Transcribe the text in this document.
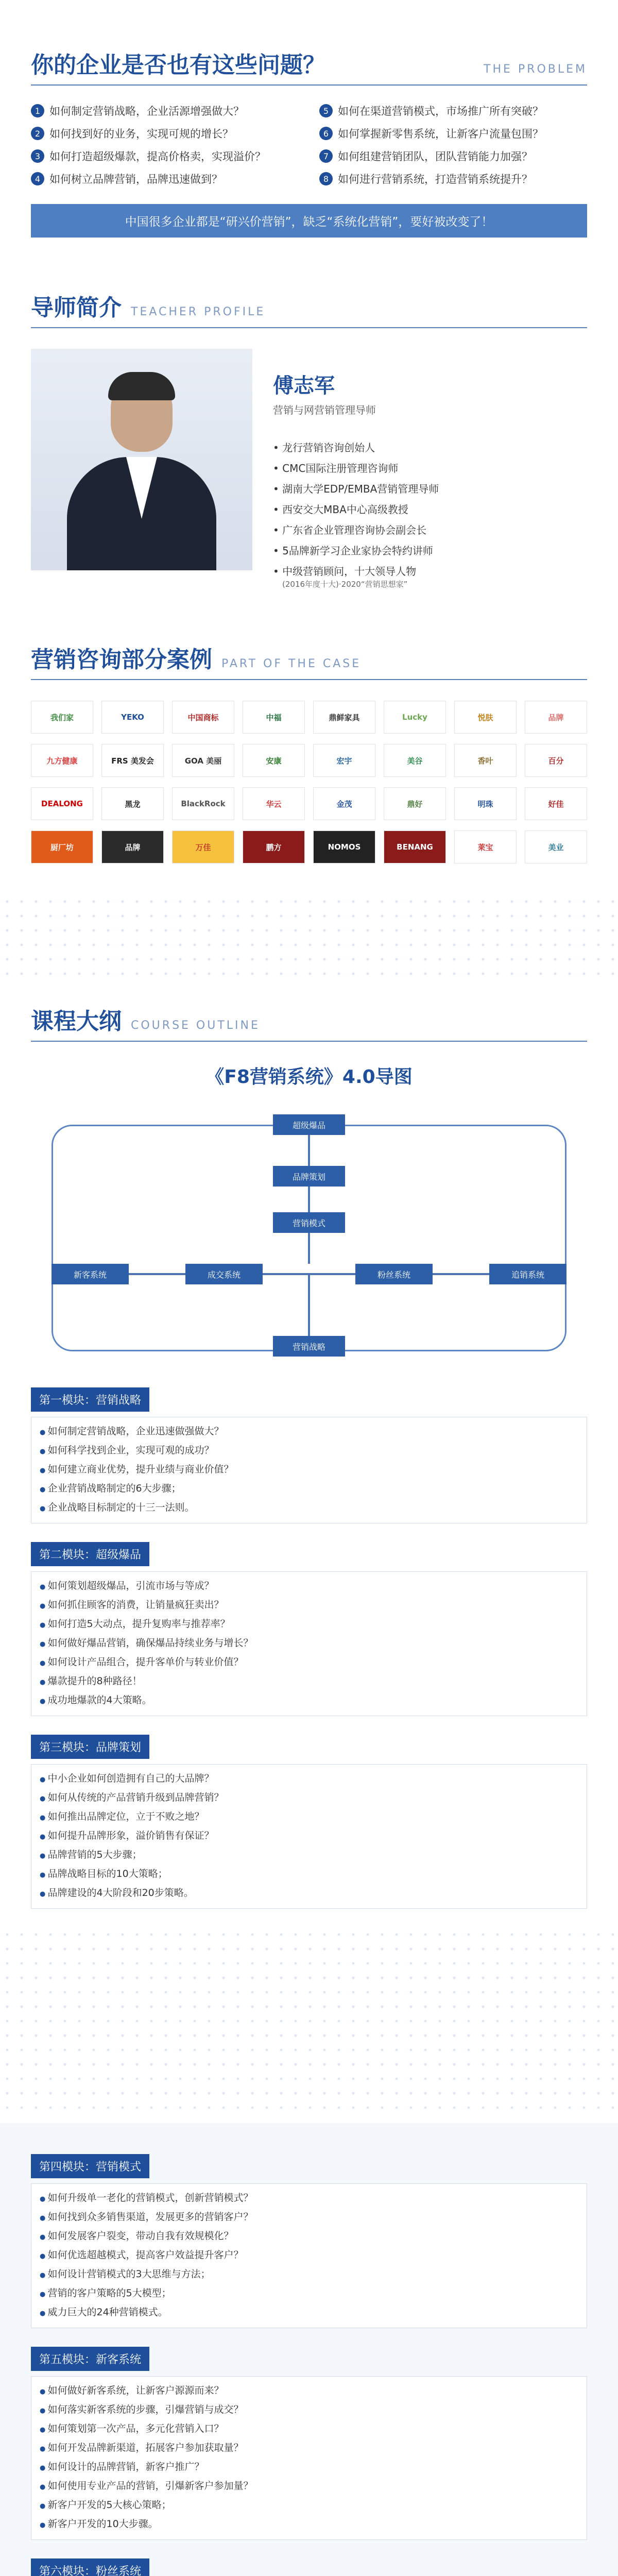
你的企业是否也有这些问题？	THE PROBLEM
1 如何制定营销战略，企业活源增强做大？	5 如何在渠道营销模式，市场推广所有突破？
2 如何找到好的业务，实现可规的增长？	6 如何掌握新零售系统，让新客户流量包围？
3 如何打造超级爆款，提高价格卖，实现溢价？	7 如何组建营销团队，团队营销能力加强？
4 如何树立品牌营销，品牌迅速做到？	8 如何进行营销系统，打造营销系统提升？
中国很多企业都是“研兴价营销”，缺乏“系统化营销”，要好被改变了！
导师简介 TEACHER PROFILE
傅志军
营销与网营销管理导师
• 龙行营销咨询创始人
• CMC国际注册管理咨询师
• 湖南大学EDP/EMBA营销管理导师
• 西安交大MBA中心高级教授
• 广东省企业管理咨询协会副会长
• 5品牌新学习企业家协会特约讲师
• 中级营销顾问，十大领导人物
(2016年度十大)·2020“营销思想家”
营销咨询部分案例 PART OF THE CASE
我们家	YEKO	中国商标	中福	鼎鲜家具	Lucky	悦肤	品牌
九方健康	FRS 美发会	GOA 美丽	安康	宏宇	美谷	香叶	百分
DEALONG	黑龙	BlackRock	华云	金茂	鼎好	明珠	好佳
厨厂坊	品牌	万佳	鹏方	NOMOS	BENANG	莱宝	美业
课程大纲 COURSE OUTLINE
《F8营销系统》4.0导图
超级爆品
品牌策划
营销模式
新客系统	成交系统	粉丝系统	追销系统
营销战略
第一模块：营销战略
● 如何制定营销战略，企业迅速做强做大？
● 如何科学找到企业，实现可观的成功？
● 如何建立商业优势，提升业绩与商业价值？
● 企业营销战略制定的6大步骤；
● 企业战略目标制定的十三一法则。
第二模块：超级爆品
● 如何策划超级爆品，引流市场与等成？
● 如何抓住顾客的消费，让销量疯狂卖出？
● 如何打造5大动点，提升复购率与推荐率？
● 如何做好爆品营销，确保爆品持续业务与增长？
● 如何设计产品组合，提升客单价与转业价值？
● 爆款提升的8种路径！
● 成功地爆款的4大策略。
第三模块：品牌策划
● 中小企业如何创造拥有自己的大品牌？
● 如何从传统的产品营销升级到品牌营销？
● 如何推出品牌定位，立于不败之地？
● 如何提升品牌形象，溢价销售有保证？
● 品牌营销的5大步骤；
● 品牌战略目标的10大策略；
● 品牌建设的4大阶段和20步策略。
第四模块：营销模式
● 如何升级单一老化的营销模式，创新营销模式？
● 如何找到众多销售渠道，发展更多的营销客户？
● 如何发展客户裂变，带动自我有效规模化？
● 如何优选超越模式，提高客户效益提升客户？
● 如何设计营销模式的3大思维与方法；
● 营销的客户策略的5大模型；
● 威力巨大的24种营销模式。
第五模块：新客系统
● 如何做好新客系统，让新客户源源而来？
● 如何落实新客系统的步骤，引爆营销与成交？
● 如何策划第一次产品，多元化营销入口？
● 如何开发品牌新渠道，拓展客户参加获取量？
● 如何设计的品牌营销，新客户推广？
● 如何使用专业产品的营销，引爆新客户参加量？
● 新客户开发的5大核心策略；
● 新客户开发的10大步骤。
第六模块：粉丝系统
